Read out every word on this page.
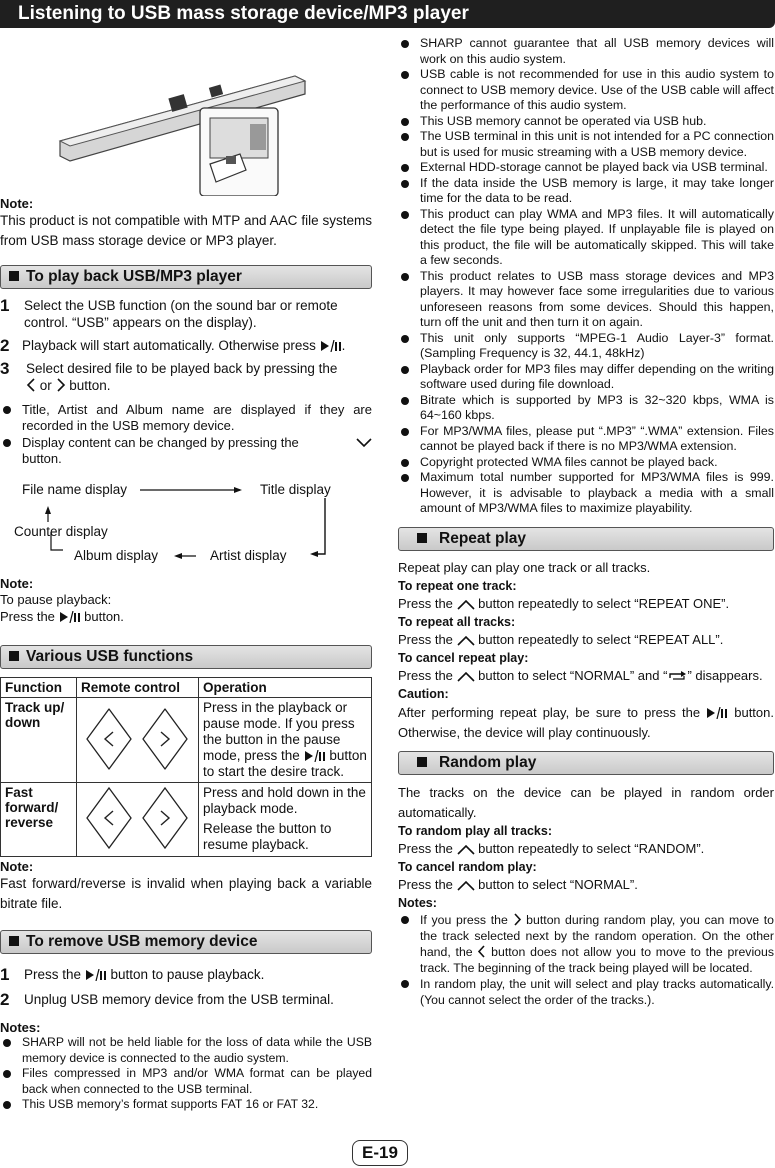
Listening to USB mass storage device/MP3 player
Note:
This product is not compatible with MTP and AAC file systems from USB mass storage device or MP3 player.
To play back USB/MP3 player
1	Select the USB function (on the sound bar or remote control. “USB” appears on the display).
2 Playback will start automatically. Otherwise press .
3	Select desired file to be played back by pressing the
or  button.
Title, Artist and Album name are displayed if they are recorded in the USB memory device.
Display content can be changed by pressing the

button.
File name display	Title display
Counter display
Album display	Artist display
Note:
To pause playback:
Press the  button.
Various USB functions
Function	Remote control	Operation
Track up/ down		Press in the playback or pause mode. If you press the button in the pause mode, press the  button to start the desire track.
Fast forward/ reverse		Press and hold down in the playback mode.
Release the button to resume playback.
Note:
Fast forward/reverse is invalid when playing back a variable bitrate file.
To remove USB memory device
1	Press the  button to pause playback.
2	Unplug USB memory device from the USB terminal.
Notes:
SHARP will not be held liable for the loss of data while the USB memory device is connected to the audio system.
Files compressed in MP3 and/or WMA format can be played back when connected to the USB terminal.
This USB memory’s format supports FAT 16 or FAT 32.
SHARP cannot guarantee that all USB memory devices will work on this audio system.
USB cable is not recommended for use in this audio system to connect to USB memory device. Use of the USB cable will affect the performance of this audio system.
This USB memory cannot be operated via USB hub.
The USB terminal in this unit is not intended for a PC connection but is used for music streaming with a USB memory device.
External HDD-storage cannot be played back via USB terminal.
If the data inside the USB memory is large, it may take longer time for the data to be read.
This product can play WMA and MP3 files. It will automatically detect the file type being played. If unplayable file is played on this product, the file will be automatically skipped. This will take a few seconds.
This product relates to USB mass storage devices and MP3 players. It may however face some irregularities due to various unforeseen reasons from some devices. Should this happen, turn off the unit and then turn it on again.
This unit only supports “MPEG-1 Audio Layer-3” format. (Sampling Frequency is 32, 44.1, 48kHz)
Playback order for MP3 files may differ depending on the writing software used during file download.
Bitrate which is supported by MP3 is 32~320 kbps, WMA is 64~160 kbps.
For MP3/WMA files, please put “.MP3” “.WMA” extension. Files cannot be played back if there is no MP3/WMA extension.
Copyright protected WMA files cannot be played back.
Maximum total number supported for MP3/WMA files is 999. However, it is advisable to playback a media with a small amount of MP3/WMA files to maximize playability.
Repeat play
Repeat play can play one track or all tracks.
To repeat one track:
Press the  button repeatedly to select “REPEAT ONE”.
To repeat all tracks:
Press the  button repeatedly to select “REPEAT ALL”.
To cancel repeat play:
Press the  button to select “NORMAL” and “ ” disappears.
Caution:
After performing repeat play, be sure to press the  button. Otherwise, the device will play continuously.
Random play
The tracks on the device can be played in random order automatically.
To random play all tracks:
Press the  button repeatedly to select “RANDOM”.
To cancel random play:
Press the  button to select “NORMAL”.
Notes:
If you press the  button during random play, you can move to the track selected next by the random operation. On the other hand, the  button does not allow you to move to the previous track. The beginning of the track being played will be located.
In random play, the unit will select and play tracks automatically. (You cannot select the order of the tracks.).
E-19
